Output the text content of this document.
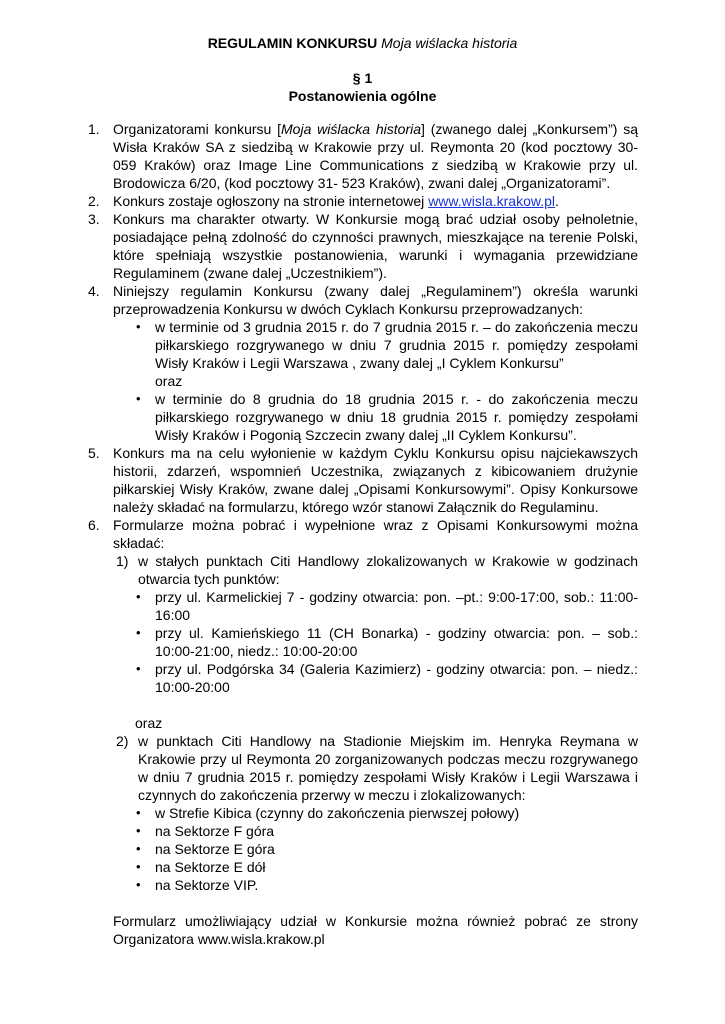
REGULAMIN KONKURSU Moja wiślacka historia
§ 1
Postanowienia ogólne
1. Organizatorami konkursu [Moja wiślacka historia] (zwanego dalej „Konkursem”) są Wisła Kraków SA z siedzibą w Krakowie przy ul. Reymonta 20 (kod pocztowy 30-059 Kraków) oraz Image Line Communications z siedzibą w Krakowie przy ul. Brodowicza 6/20, (kod pocztowy 31- 523 Kraków), zwani dalej „Organizatorami”.
2. Konkurs zostaje ogłoszony na stronie internetowej www.wisla.krakow.pl.
3. Konkurs ma charakter otwarty. W Konkursie mogą brać udział osoby pełnoletnie, posiadające pełną zdolność do czynności prawnych, mieszkające na terenie Polski, które spełniają wszystkie postanowienia, warunki i wymagania przewidziane Regulaminem (zwane dalej „Uczestnikiem”).
4. Niniejszy regulamin Konkursu (zwany dalej „Regulaminem”) określa warunki przeprowadzenia Konkursu w dwóch Cyklach Konkursu przeprowadzanych:
• w terminie od 3 grudnia 2015 r. do 7 grudnia 2015 r. – do zakończenia meczu piłkarskiego rozgrywanego w dniu 7 grudnia 2015 r. pomiędzy zespołami Wisły Kraków i Legii Warszawa , zwany dalej „I Cyklem Konkursu”
oraz
• w terminie do 8 grudnia do 18 grudnia 2015 r. - do zakończenia meczu piłkarskiego rozgrywanego w dniu 18 grudnia 2015 r. pomiędzy zespołami Wisły Kraków i Pogonią Szczecin zwany dalej „II Cyklem Konkursu”.
5. Konkurs ma na celu wyłonienie w każdym Cyklu Konkursu opisu najciekawszych historii, zdarzeń, wspomnień Uczestnika, związanych z kibicowaniem drużynie piłkarskiej Wisły Kraków, zwane dalej „Opisami Konkursowymi”. Opisy Konkursowe należy składać na formularzu, którego wzór stanowi Załącznik do Regulaminu.
6. Formularze można pobrać i wypełnione wraz z Opisami Konkursowymi można składać:
1) w stałych punktach Citi Handlowy zlokalizowanych w Krakowie w godzinach otwarcia tych punktów:
• przy ul. Karmelickiej 7 - godziny otwarcia: pon. –pt.: 9:00-17:00, sob.: 11:00-16:00
• przy ul. Kamieńskiego 11 (CH Bonarka) - godziny otwarcia: pon. – sob.: 10:00-21:00, niedz.: 10:00-20:00
• przy ul. Podgórska 34 (Galeria Kazimierz) - godziny otwarcia: pon. – niedz.: 10:00-20:00
oraz
2) w punktach Citi Handlowy na Stadionie Miejskim im. Henryka Reymana w Krakowie przy ul Reymonta 20 zorganizowanych podczas meczu rozgrywanego w dniu 7 grudnia 2015 r. pomiędzy zespołami Wisły Kraków i Legii Warszawa i czynnych do zakończenia przerwy w meczu i zlokalizowanych:
• w Strefie Kibica (czynny do zakończenia pierwszej połowy)
• na Sektorze F góra
• na Sektorze E góra
• na Sektorze E dół
• na Sektorze VIP.
Formularz umożliwiający udział w Konkursie można również pobrać ze strony Organizatora www.wisla.krakow.pl
